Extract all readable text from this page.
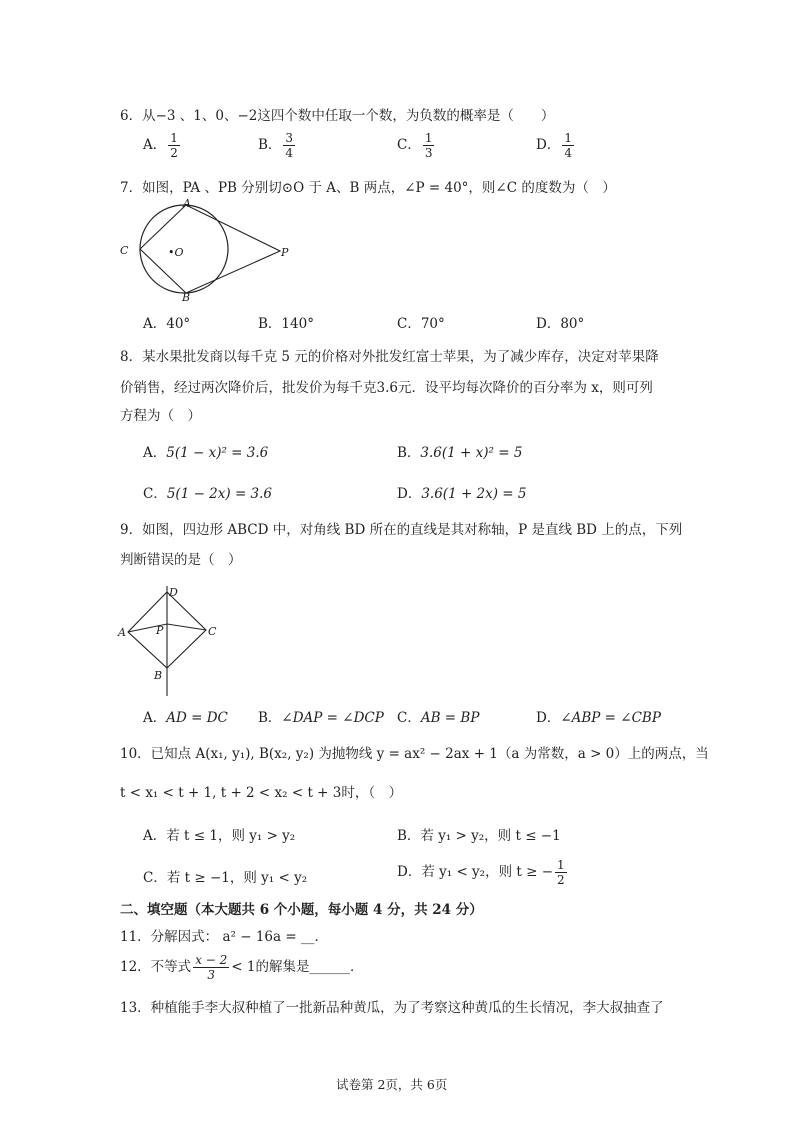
6．从−3 、1、0、−2这四个数中任取一个数，为负数的概率是（　　）
A． $\frac{1}{2}$	B． $\frac{3}{4}$	C． $\frac{1}{3}$	D． $\frac{1}{4}$
7．如图，PA 、PB 分别切⊙O 于 A、B 两点，∠P = 40°，则∠C 的度数为（　）
A
B
C	•O	P
A．40°	B．140°	C．70°	D．80°
8．某水果批发商以每千克 5 元的价格对外批发红富士苹果，为了减少库存，决定对苹果降
价销售，经过两次降价后，批发价为每千克3.6元．设平均每次降价的百分率为 x，则可列
方程为（　）
A．5(1 − x)² = 3.6	B．3.6(1 + x)² = 5
C．5(1 − 2x) = 3.6	D．3.6(1 + 2x) = 5
9．如图，四边形 ABCD 中，对角线 BD 所在的直线是其对称轴，P 是直线 BD 上的点，下列
判断错误的是（　）
D
A	P	C
B
A．AD = DC B．∠DAP = ∠DCP C．AB = BP	D．∠ABP = ∠CBP
10．已知点 A(x₁, y₁), B(x₂, y₂) 为抛物线 y = ax² − 2ax + 1（a 为常数，a > 0）上的两点，当
t < x₁ < t + 1, t + 2 < x₂ < t + 3时，（　）
A．若 t ≤ 1，则 y₁ > y₂	B．若 y₁ > y₂，则 t ≤ −1
C．若 t ≥ −1，则 y₁ < y₂	D．若 y₁ < y₂，则 t ≥ − $\frac{1}{2}$
二、填空题（本大题共 6 个小题，每小题 4 分，共 24 分）
11．分解因式： a² − 16a = __．
12．不等式 $\frac{x - 2}{3} < 1$的解集是______．
13．种植能手李大叔种植了一批新品种黄瓜，为了考察这种黄瓜的生长情况，李大叔抽查了
试卷第 2页，共 6页
